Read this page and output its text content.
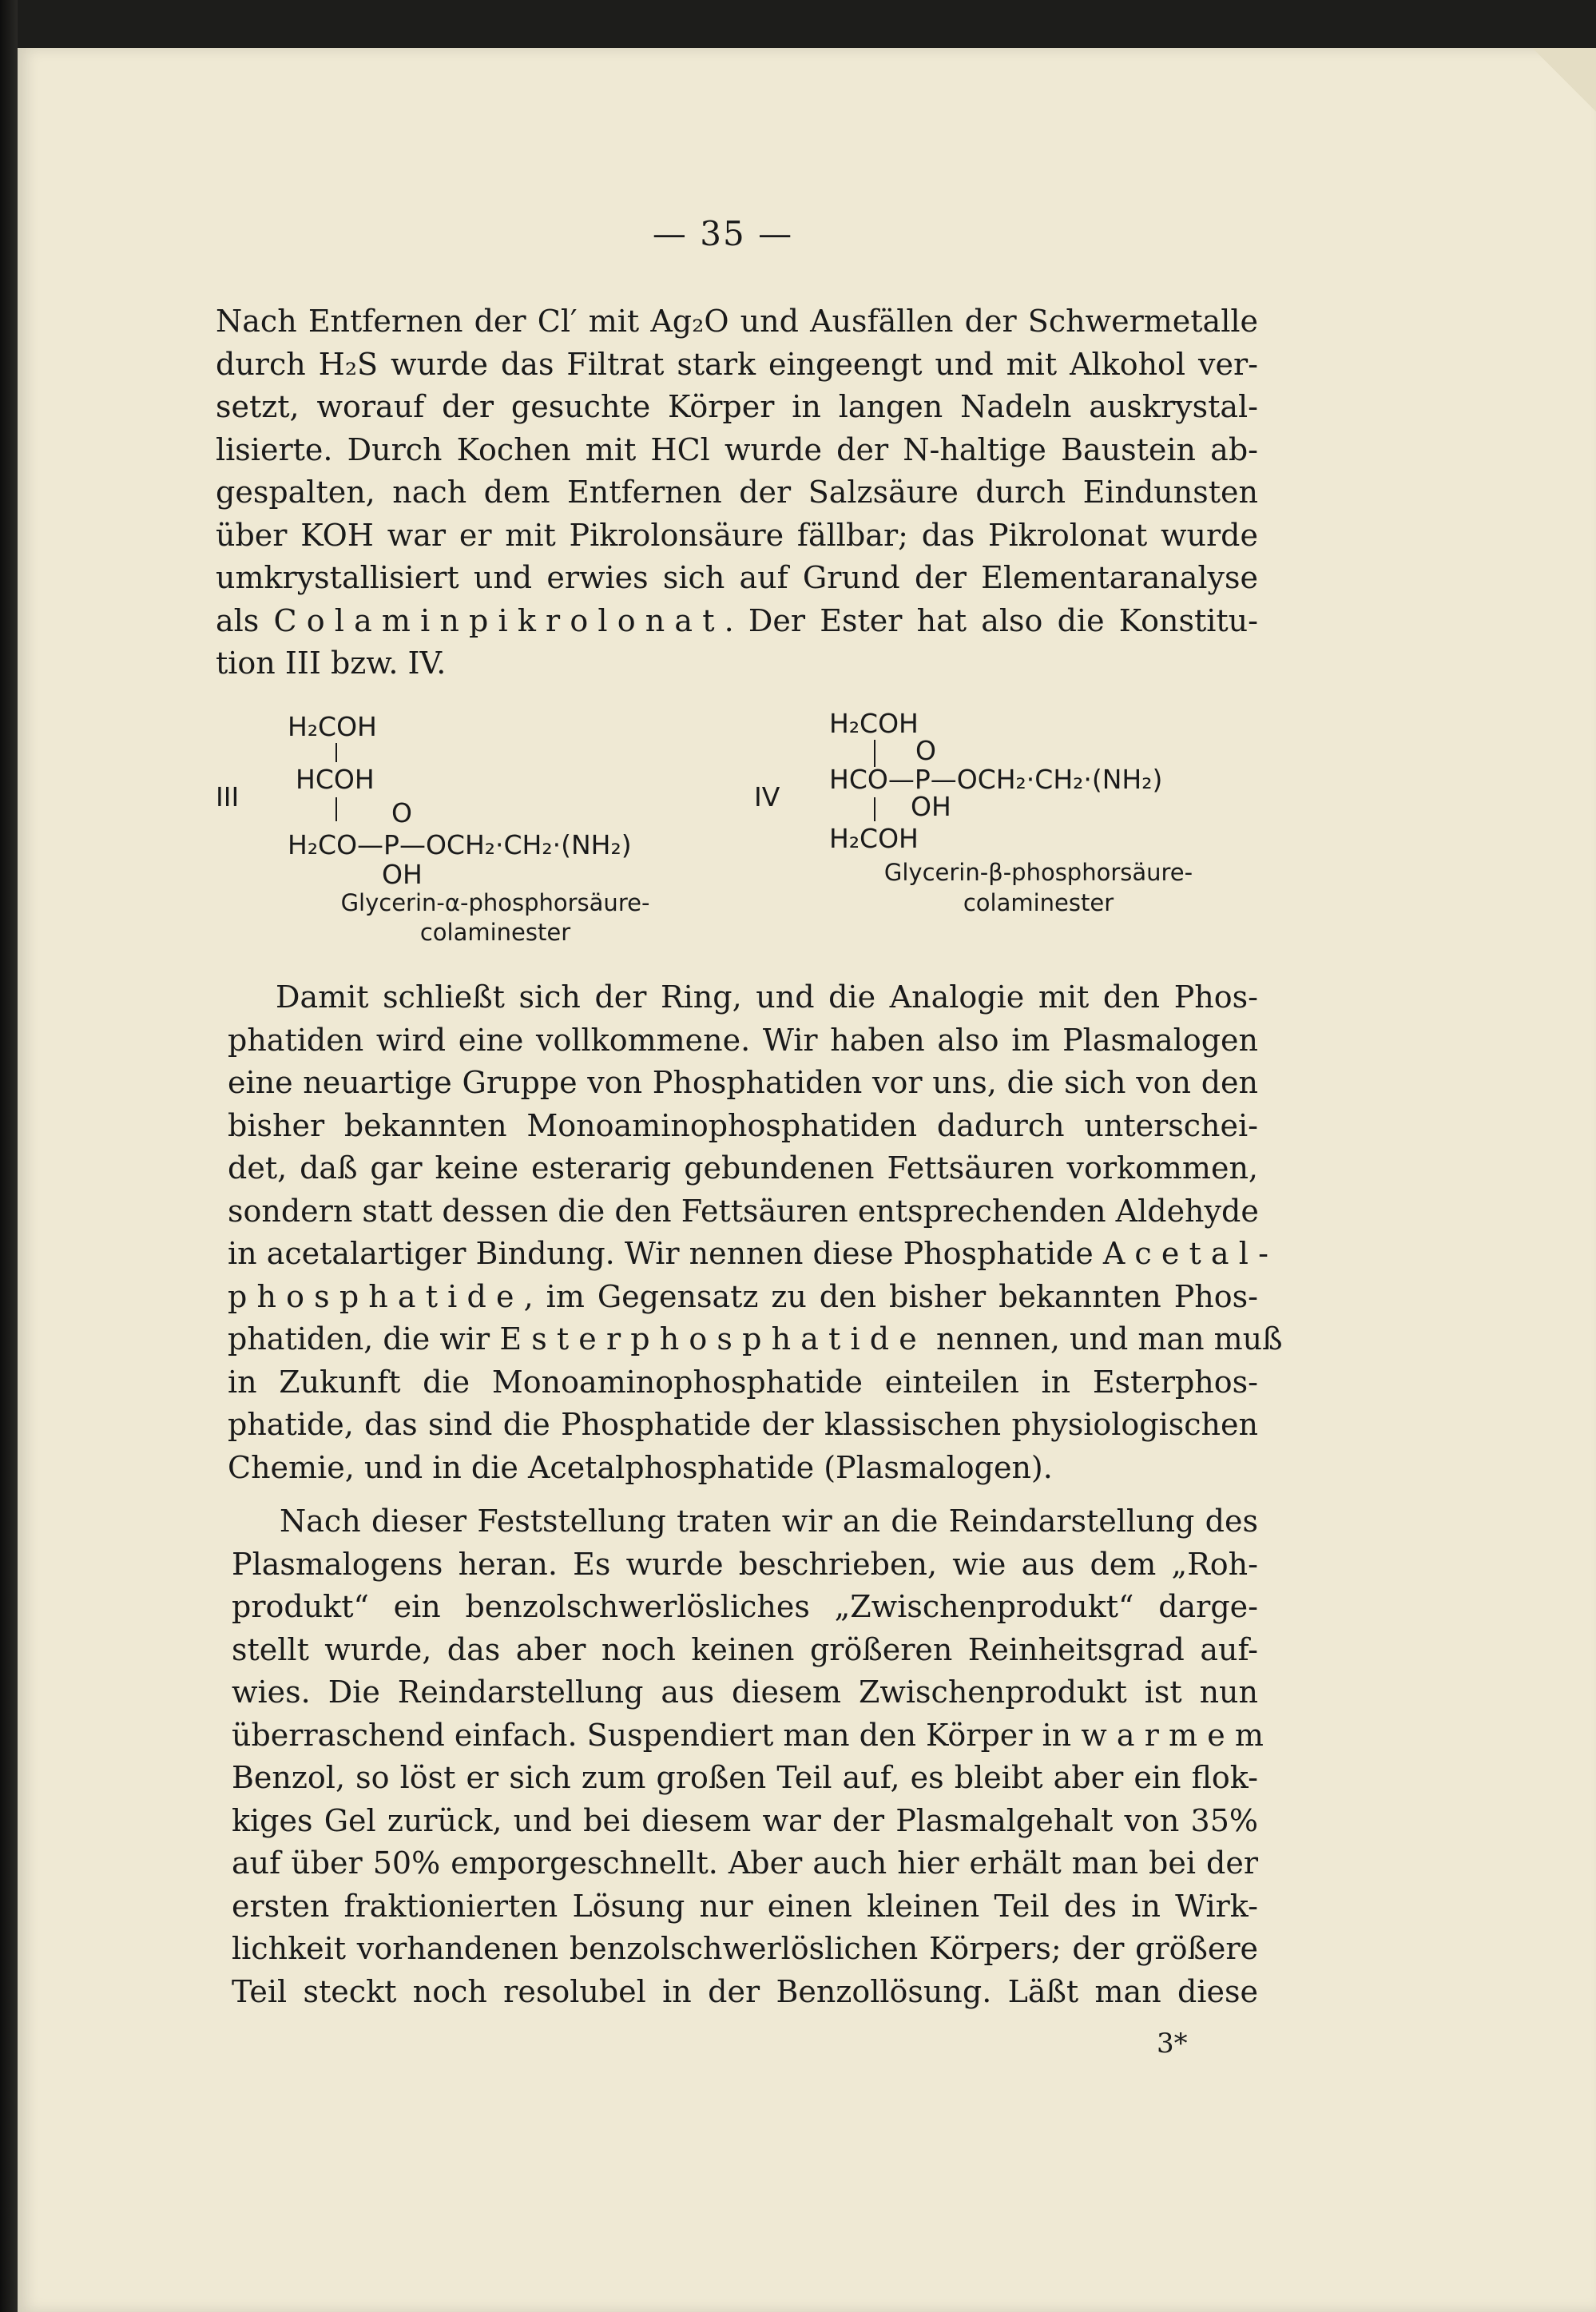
— 35 —
Nach Entfernen der Cl′ mit Ag₂O und Ausfällen der Schwermetalle
durch H₂S wurde das Filtrat stark eingeengt und mit Alkohol ver-
setzt, worauf der gesuchte Körper in langen Nadeln auskrystal-
lisierte. Durch Kochen mit HCl wurde der N-haltige Baustein ab-
gespalten, nach dem Entfernen der Salzsäure durch Eindunsten
über KOH war er mit Pikrolonsäure fällbar; das Pikrolonat wurde
umkrystallisiert und erwies sich auf Grund der Elementaranalyse
als Colaminpikrolonat. Der Ester hat also die Konstitu-
tion III bzw. IV.
III
H₂COH
HCOH
O
H₂CO—P—OCH₂·CH₂·(NH₂)
OH
Glycerin-α-phosphorsäure-
colaminester
IV
H₂COH
O
HCO—P—OCH₂·CH₂·(NH₂)
OH
H₂COH
Glycerin-β-phosphorsäure-
colaminester
Damit schließt sich der Ring, und die Analogie mit den Phos-
phatiden wird eine vollkommene. Wir haben also im Plasmalogen
eine neuartige Gruppe von Phosphatiden vor uns, die sich von den
bisher bekannten Monoaminophosphatiden dadurch unterschei-
det, daß gar keine esterarig gebundenen Fettsäuren vorkommen,
sondern statt dessen die den Fettsäuren entsprechenden Aldehyde
in acetalartiger Bindung. Wir nennen diese Phosphatide Acetal-
phosphatide, im Gegensatz zu den bisher bekannten Phos-
phatiden, die wir Esterphosphatide nennen, und man muß
in Zukunft die Monoaminophosphatide einteilen in Esterphos-
phatide, das sind die Phosphatide der klassischen physiologischen
Chemie, und in die Acetalphosphatide (Plasmalogen).
Nach dieser Feststellung traten wir an die Reindarstellung des
Plasmalogens heran. Es wurde beschrieben, wie aus dem „Roh-
produkt“ ein benzolschwerlösliches „Zwischenprodukt“ darge-
stellt wurde, das aber noch keinen größeren Reinheitsgrad auf-
wies. Die Reindarstellung aus diesem Zwischenprodukt ist nun
überraschend einfach. Suspendiert man den Körper in warmem
Benzol, so löst er sich zum großen Teil auf, es bleibt aber ein flok-
kiges Gel zurück, und bei diesem war der Plasmalgehalt von 35%
auf über 50% emporgeschnellt. Aber auch hier erhält man bei der
ersten fraktionierten Lösung nur einen kleinen Teil des in Wirk-
lichkeit vorhandenen benzolschwerlöslichen Körpers; der größere
Teil steckt noch resolubel in der Benzollösung. Läßt man diese
3*
